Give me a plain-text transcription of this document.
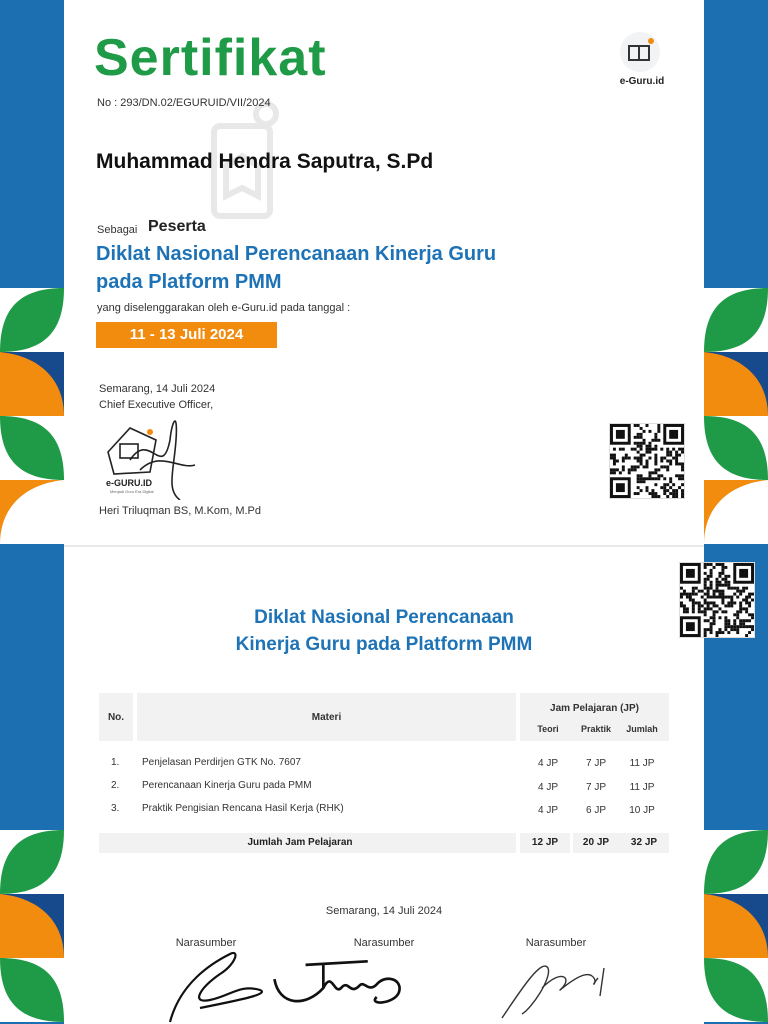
Sertifikat
No : 293/DN.02/EGURUID/VII/2024
e-Guru.id
Muhammad Hendra Saputra, S.Pd
Sebagai Peserta
Diklat Nasional Perencanaan Kinerja Guru
pada Platform PMM
yang diselenggarakan oleh e-Guru.id pada tanggal :
11 - 13 Juli 2024
Semarang, 14 Juli 2024
Chief Executive Officer,
e-GURU.ID
Menjadi Guru Era Digital
Heri Triluqman BS, M.Kom, M.Pd
Diklat Nasional Perencanaan
Kinerja Guru pada Platform PMM
No.	Materi
Jam Pelajaran (JP)
Teori	Praktik	Jumlah
1. Penjelasan Perdirjen GTK No. 7607	4 JP	7 JP	11 JP
2. Perencanaan Kinerja Guru pada PMM	4 JP	7 JP	11 JP
3. Praktik Pengisian Rencana Hasil Kerja (RHK)	4 JP	6 JP	10 JP
Jumlah Jam Pelajaran	12 JP	20 JP	32 JP
Semarang, 14 Juli 2024
Narasumber	Narasumber	Narasumber
